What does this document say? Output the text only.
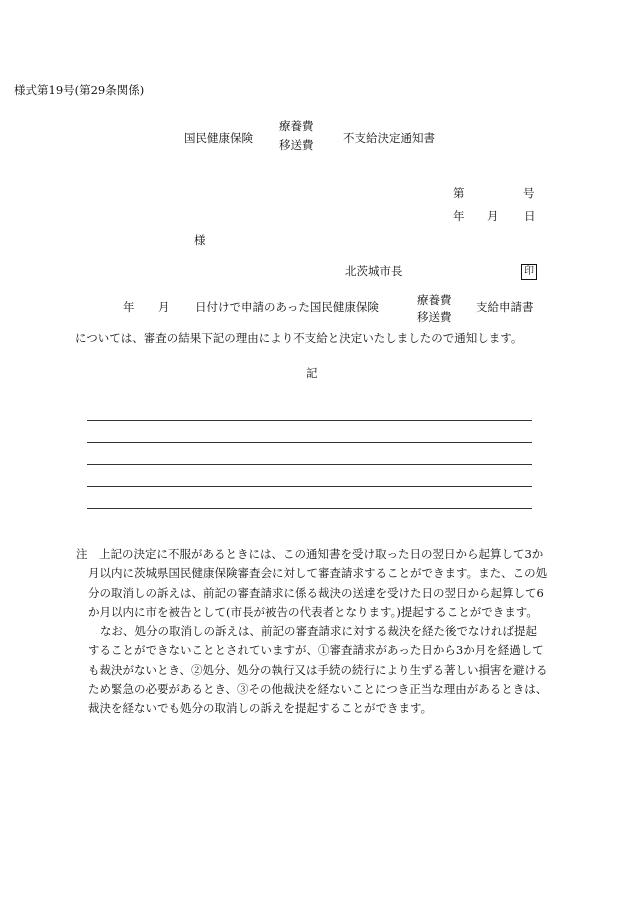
様式第19号(第29条関係)
国民健康保険
療養費
移送費	不支給決定通知書
第	号
年 月 日
様
北茨城市長	印
年 月 日付けで申請のあった国民健康保険	療養費
移送費
支給申請書
については、審査の結果下記の理由により不支給と決定いたしましたので通知します。
記

注　上記の決定に不服があるときには、この通知書を受け取った日の翌日から起算して3か月以内に茨城県国民健康保険審査会に対して審査請求することができます。また、この処分の取消しの訴えは、前記の審査請求に係る裁決の送達を受けた日の翌日から起算して6か月以内に市を被告として(市長が被告の代表者となります。)提起することができます。

なお、処分の取消しの訴えは、前記の審査請求に対する裁決を経た後でなければ提起することができないこととされていますが、①審査請求があった日から3か月を経過しても裁決がないとき、②処分、処分の執行又は手続の続行により生ずる著しい損害を避けるため緊急の必要があるとき、③その他裁決を経ないことにつき正当な理由があるときは、裁決を経ないでも処分の取消しの訴えを提起することができます。
